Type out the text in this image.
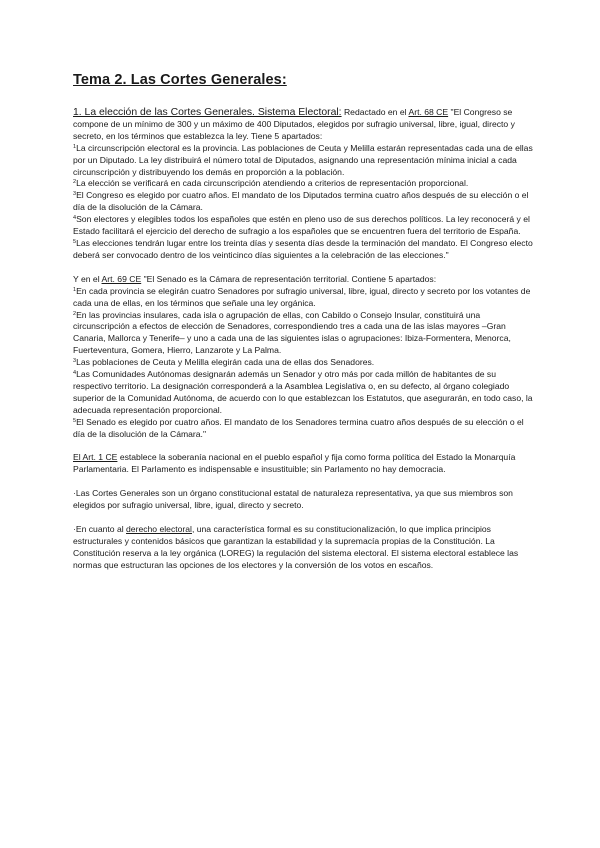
Tema 2. Las Cortes Generales:

1. La elección de las Cortes Generales. Sistema Electoral: Redactado en el Art. 68 CE "El Congreso se compone de un mínimo de 300 y un máximo de 400 Diputados, elegidos por sufragio universal, libre, igual, directo y secreto, en los términos que establezca la ley. Tiene 5 apartados:

$^1$La circunscripción electoral es la provincia. Las poblaciones de Ceuta y Melilla estarán representadas cada una de ellas por un Diputado. La ley distribuirá el número total de Diputados, asignando una representación mínima inicial a cada circunscripción y distribuyendo los demás en proporción a la población.

$^2$La elección se verificará en cada circunscripción atendiendo a criterios de representación proporcional.

$^3$El Congreso es elegido por cuatro años. El mandato de los Diputados termina cuatro años después de su elección o el día de la disolución de la Cámara.

$^4$Son electores y elegibles todos los españoles que estén en pleno uso de sus derechos políticos. La ley reconocerá y el Estado facilitará el ejercicio del derecho de sufragio a los españoles que se encuentren fuera del territorio de España.

$^5$Las elecciones tendrán lugar entre los treinta días y sesenta días desde la terminación del mandato. El Congreso electo deberá ser convocado dentro de los veinticinco días siguientes a la celebración de las elecciones."

Y en el Art. 69 CE "El Senado es la Cámara de representación territorial. Contiene 5 apartados:

$^1$En cada provincia se elegirán cuatro Senadores por sufragio universal, libre, igual, directo y secreto por los votantes de cada una de ellas, en los términos que señale una ley orgánica.

$^2$En las provincias insulares, cada isla o agrupación de ellas, con Cabildo o Consejo Insular, constituirá una circunscripción a efectos de elección de Senadores, correspondiendo tres a cada una de las islas mayores –Gran Canaria, Mallorca y Tenerife– y uno a cada una de las siguientes islas o agrupaciones: Ibiza-Formentera, Menorca, Fuerteventura, Gomera, Hierro, Lanzarote y La Palma.

$^3$Las poblaciones de Ceuta y Melilla elegirán cada una de ellas dos Senadores.

$^4$Las Comunidades Autónomas designarán además un Senador y otro más por cada millón de habitantes de su respectivo territorio. La designación corresponderá a la Asamblea Legislativa o, en su defecto, al órgano colegiado superior de la Comunidad Autónoma, de acuerdo con lo que establezcan los Estatutos, que asegurarán, en todo caso, la adecuada representación proporcional.

$^5$El Senado es elegido por cuatro años. El mandato de los Senadores termina cuatro años después de su elección o el día de la disolución de la Cámara."

El Art. 1 CE establece la soberanía nacional en el pueblo español y fija como forma política del Estado la Monarquía Parlamentaria. El Parlamento es indispensable e insustituible; sin Parlamento no hay democracia.

·Las Cortes Generales son un órgano constitucional estatal de naturaleza representativa, ya que sus miembros son elegidos por sufragio universal, libre, igual, directo y secreto.

·En cuanto al derecho electoral, una característica formal es su constitucionalización, lo que implica principios estructurales y contenidos básicos que garantizan la estabilidad y la supremacía propias de la Constitución. La Constitución reserva a la ley orgánica (LOREG) la regulación del sistema electoral. El sistema electoral establece las normas que estructuran las opciones de los electores y la conversión de los votos en escaños.
